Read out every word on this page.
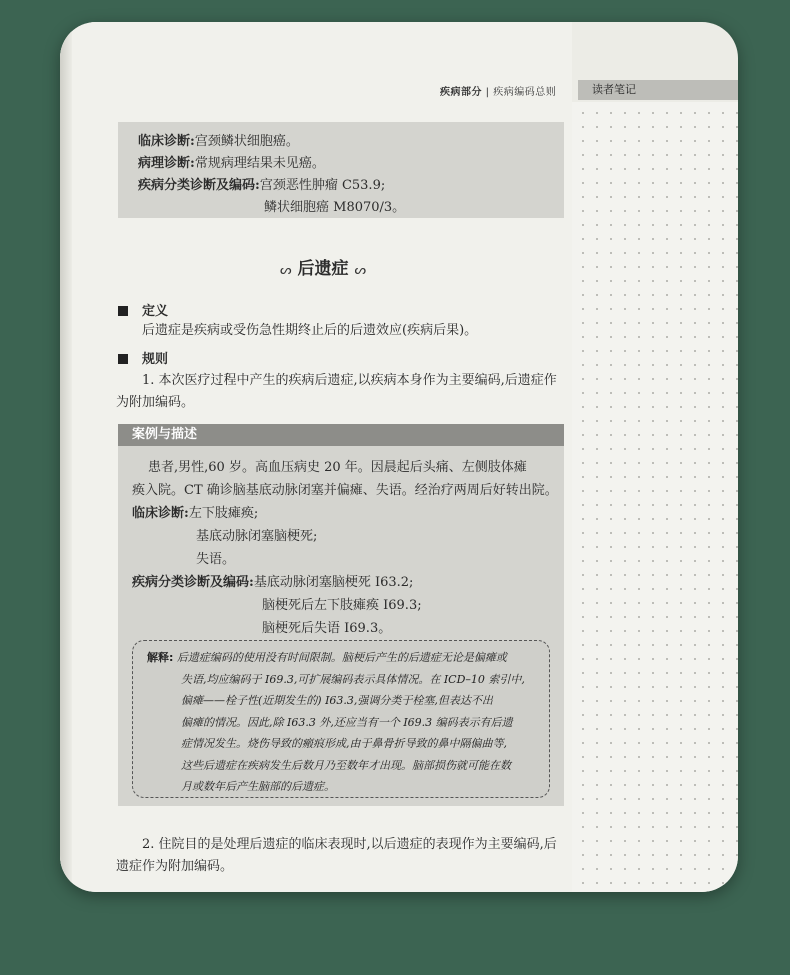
疾病部分 | 疾病编码总则	读者笔记
临床诊断:宫颈鳞状细胞癌。
病理诊断:常规病理结果未见癌。
疾病分类诊断及编码:宫颈恶性肿瘤 C53.9;
鳞状细胞癌 M8070/3。
ᔕ 后遗症 ᔕ
定义
后遗症是疾病或受伤急性期终止后的后遗效应(疾病后果)。
规则
1. 本次医疗过程中产生的疾病后遗症,以疾病本身作为主要编码,后遗症作
为附加编码。
案例与描述
患者,男性,60 岁。高血压病史 20 年。因晨起后头痛、左侧肢体瘫
痪入院。CT 确诊脑基底动脉闭塞并偏瘫、失语。经治疗两周后好转出院。
临床诊断:左下肢瘫痪;
基底动脉闭塞脑梗死;
失语。
疾病分类诊断及编码:基底动脉闭塞脑梗死 I63.2;
脑梗死后左下肢瘫痪 I69.3;
脑梗死后失语 I69.3。
解释: 后遗症编码的使用没有时间限制。脑梗后产生的后遗症无论是偏瘫或
失语,均应编码于 I69.3,可扩展编码表示具体情况。在 ICD–10 索引中,
偏瘫——栓子性(近期发生的) I63.3,强调分类于栓塞,但表达不出
偏瘫的情况。因此,除 I63.3 外,还应当有一个 I69.3 编码表示有后遗
症情况发生。烧伤导致的瘢痕形成,由于鼻骨折导致的鼻中隔偏曲等,
这些后遗症在疾病发生后数月乃至数年才出现。脑部损伤就可能在数
月或数年后产生脑部的后遗症。
2. 住院目的是处理后遗症的临床表现时,以后遗症的表现作为主要编码,后
遗症作为附加编码。
